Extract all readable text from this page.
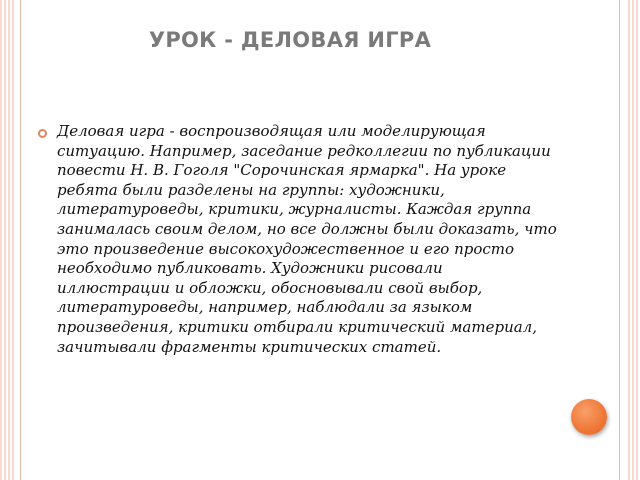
УРОК - ДЕЛОВАЯ ИГРА
Деловая игра - воспроизводящая или моделирующая ситуацию. Например, заседание редколлегии по публикации повести Н. В. Гоголя "Сорочинская ярмарка". На уроке ребята были разделены на группы: художники, литературоведы, критики, журналисты. Каждая группа занималась своим делом, но все должны были доказать, что это произведение высокохудожественное и его просто необходимо публиковать. Художники рисовали иллюстрации и обложки, обосновывали свой выбор, литературоведы, например, наблюдали за языком произведения, критики отбирали критический материал, зачитывали фрагменты критических статей.
